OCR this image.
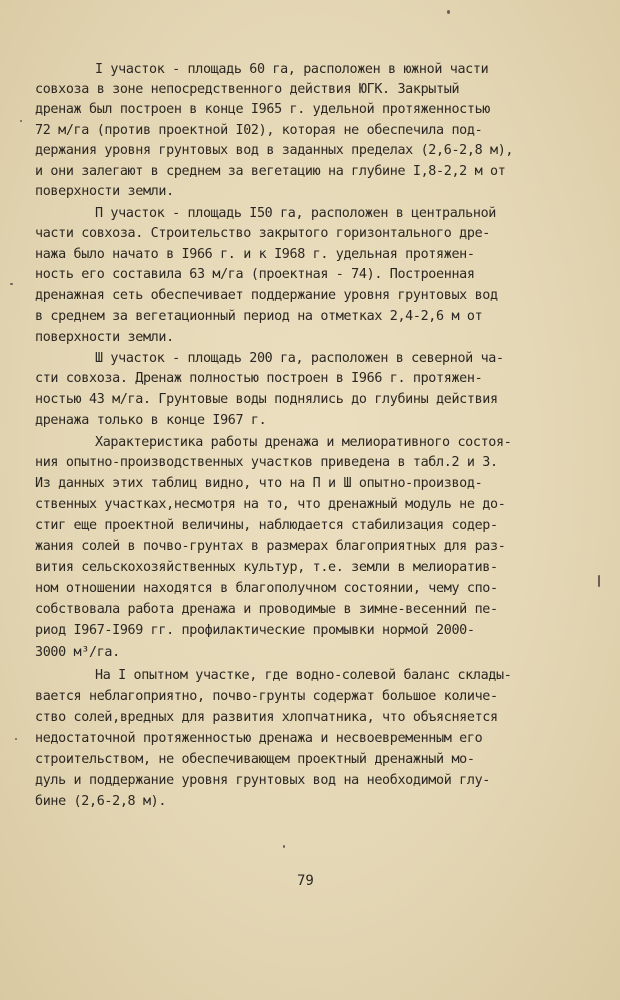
I участок - площадь 60 га, расположен в южной части
совхоза в зоне непосредственного действия ЮГК. Закрытый
дренаж был построен в конце I965 г. удельной протяженностью
72 м/га (против проектной I02), которая не обеспечила под-
держания уровня грунтовых вод в заданных пределах (2,6-2,8 м),
и они залегают в среднем за вегетацию на глубине I,8-2,2 м от
поверхности земли.
П участок - площадь I50 га, расположен в центральной
части совхоза. Строительство закрытого горизонтального дре-
нажа было начато в I966 г. и к I968 г. удельная протяжен-
ность его составила 63 м/га (проектная - 74). Построенная
дренажная сеть обеспечивает поддержание уровня грунтовых вод
в среднем за вегетационный период на отметках 2,4-2,6 м от
поверхности земли.
Ш участок - площадь 200 га, расположен в северной ча-
сти совхоза. Дренаж полностью построен в I966 г. протяжен-
ностью 43 м/га. Грунтовые воды поднялись до глубины действия
дренажа только в конце I967 г.
Характеристика работы дренажа и мелиоративного состоя-
ния опытно-производственных участков приведена в табл.2 и 3.
Из данных этих таблиц видно, что на П и Ш опытно-производ-
ственных участках,несмотря на то, что дренажный модуль не до-
стиг еще проектной величины, наблюдается стабилизация содер-
жания солей в почво-грунтах в размерах благоприятных для раз-
вития сельскохозяйственных культур, т.е. земли в мелиоратив-
ном отношении находятся в благополучном состоянии, чему спо-
собствовала работа дренажа и проводимые в зимне-весенний пе-
риод I967-I969 гг. профилактические промывки нормой 2000-
3000 м³/га.
На I опытном участке, где водно-солевой баланс склады-
вается неблагоприятно, почво-грунты содержат большое количе-
ство солей,вредных для развития хлопчатника, что объясняется
недостаточной протяженностью дренажа и несвоевременным его
строительством, не обеспечивающем проектный дренажный мо-
дуль и поддержание уровня грунтовых вод на необходимой глу-
бине (2,6-2,8 м).
79
